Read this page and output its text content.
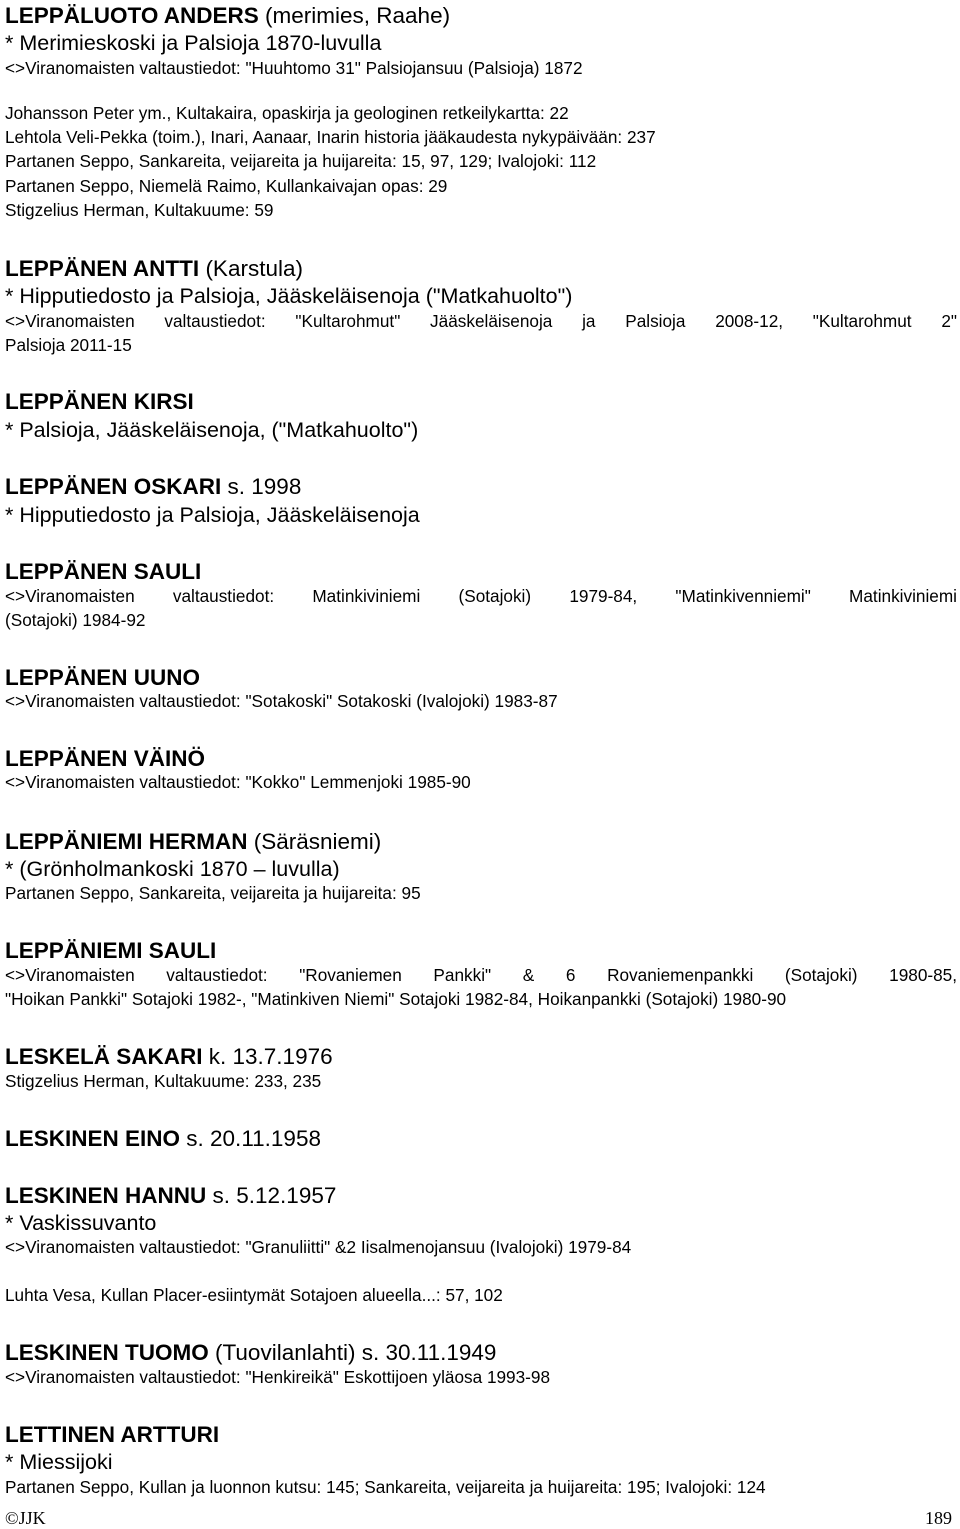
LEPPÄLUOTO ANDERS (merimies, Raahe)
* Merimieskoski ja Palsioja 1870-luvulla
<>Viranomaisten valtaustiedot: "Huuhtomo 31" Palsiojansuu (Palsioja) 1872
Johansson Peter ym., Kultakaira, opaskirja ja geologinen retkeilykartta: 22
Lehtola Veli-Pekka (toim.), Inari, Aanaar, Inarin historia jääkaudesta nykypäivään: 237
Partanen Seppo, Sankareita, veijareita ja huijareita: 15, 97, 129; Ivalojoki: 112
Partanen Seppo, Niemelä Raimo, Kullankaivajan opas: 29
Stigzelius Herman, Kultakuume: 59
LEPPÄNEN ANTTI (Karstula)
* Hipputiedosto ja Palsioja, Jääskeläisenoja ("Matkahuolto")
<>Viranomaisten valtaustiedot: "Kultarohmut" Jääskeläisenoja ja Palsioja 2008-12, "Kultarohmut 2"
Palsioja 2011-15
LEPPÄNEN KIRSI
* Palsioja, Jääskeläisenoja, ("Matkahuolto")
LEPPÄNEN OSKARI s. 1998
* Hipputiedosto ja Palsioja, Jääskeläisenoja
LEPPÄNEN SAULI
<>Viranomaisten valtaustiedot: Matinkiviniemi (Sotajoki) 1979-84, "Matinkivenniemi" Matinkiviniemi
(Sotajoki) 1984-92
LEPPÄNEN UUNO
<>Viranomaisten valtaustiedot: "Sotakoski" Sotakoski (Ivalojoki) 1983-87
LEPPÄNEN VÄINÖ
<>Viranomaisten valtaustiedot: "Kokko" Lemmenjoki 1985-90
LEPPÄNIEMI HERMAN (Säräsniemi)
* (Grönholmankoski 1870 – luvulla)
Partanen Seppo, Sankareita, veijareita ja huijareita: 95
LEPPÄNIEMI SAULI
<>Viranomaisten valtaustiedot: "Rovaniemen Pankki" & 6 Rovaniemenpankki (Sotajoki) 1980-85,
"Hoikan Pankki" Sotajoki 1982-, "Matinkiven Niemi" Sotajoki 1982-84, Hoikanpankki (Sotajoki) 1980-90
LESKELÄ SAKARI k. 13.7.1976
Stigzelius Herman, Kultakuume: 233, 235
LESKINEN EINO s. 20.11.1958
LESKINEN HANNU s. 5.12.1957
* Vaskissuvanto
<>Viranomaisten valtaustiedot: "Granuliitti" &2 Iisalmenojansuu (Ivalojoki) 1979-84
Luhta Vesa, Kullan Placer-esiintymät Sotajoen alueella...: 57, 102
LESKINEN TUOMO (Tuovilanlahti) s. 30.11.1949
<>Viranomaisten valtaustiedot: "Henkireikä" Eskottijoen yläosa 1993-98
LETTINEN ARTTURI
* Miessijoki
Partanen Seppo, Kullan ja luonnon kutsu: 145; Sankareita, veijareita ja huijareita: 195; Ivalojoki: 124
©JJK	189
